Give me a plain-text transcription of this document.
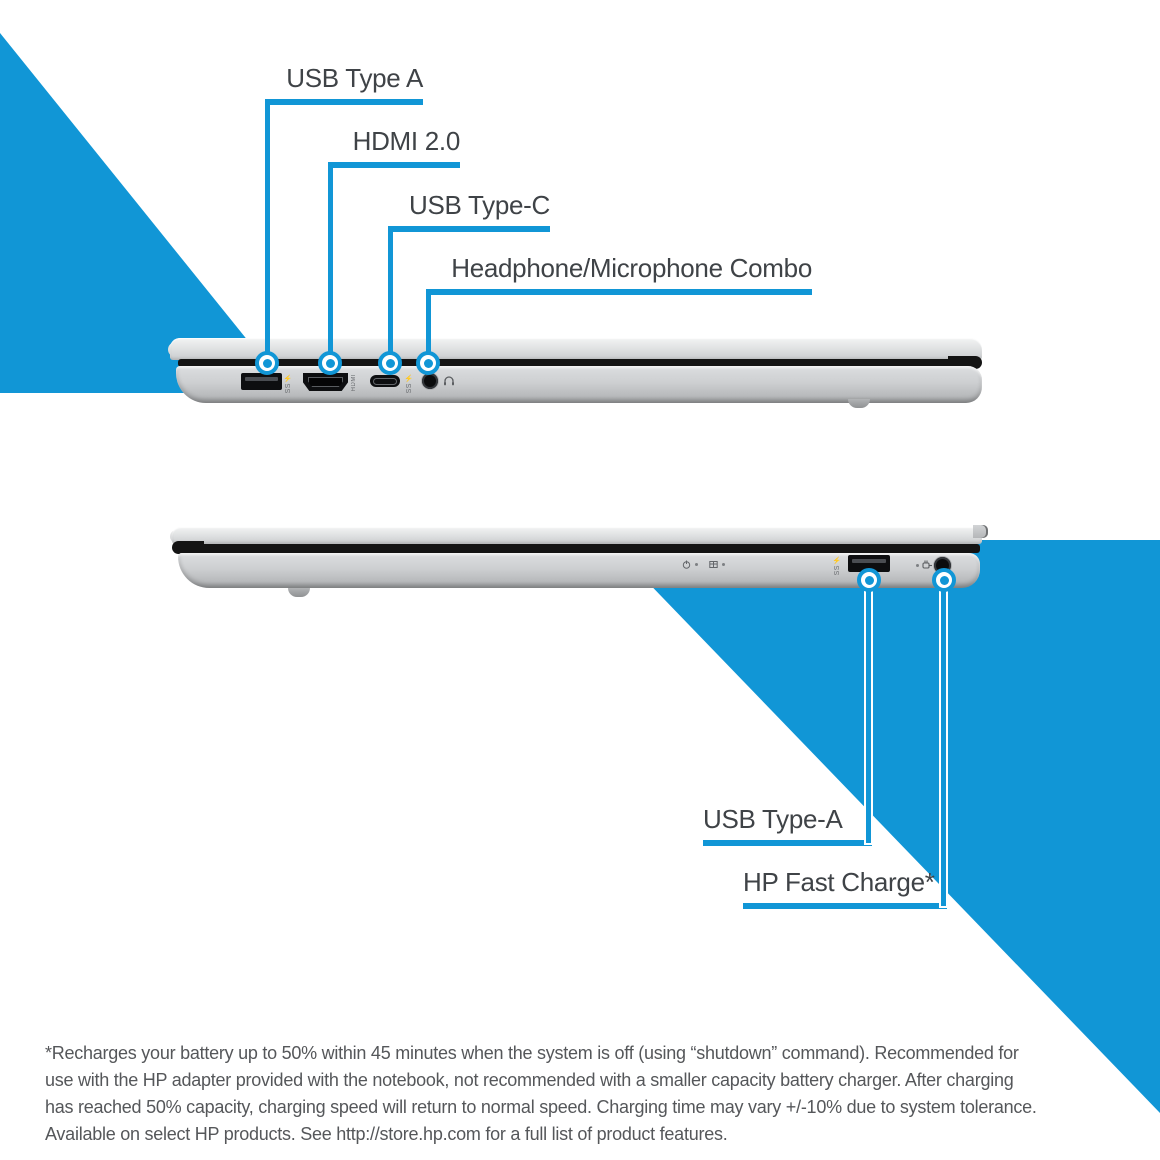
SS⚡	HDMI	SS⚡
SS⚡
USB Type A
HDMI 2.0
USB Type-C
Headphone/Microphone Combo
USB Type-A
HP Fast Charge*
*Recharges your battery up to 50% within 45 minutes when the system is off (using “shutdown” command). Recommended for
use with the HP adapter provided with the notebook, not recommended with a smaller capacity battery charger. After charging
has reached 50% capacity, charging speed will return to normal speed. Charging time may vary +/-10% due to system tolerance.
Available on select HP products. See http://store.hp.com for a full list of product features.
